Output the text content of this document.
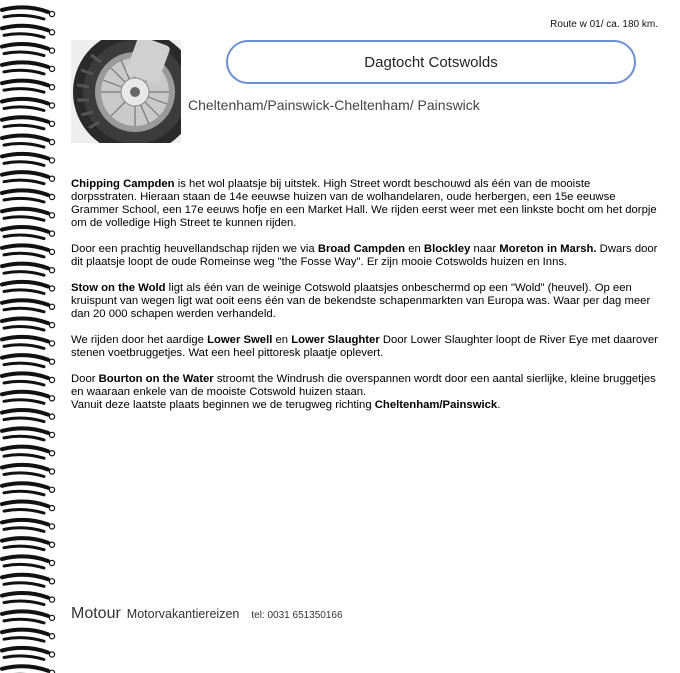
Route w 01/ ca. 180 km.
Dagtocht Cotswolds
Cheltenham/Painswick-Cheltenham/ Painswick

Chipping Campden is het wol plaatsje bij uitstek. High Street wordt beschouwd als één van de mooiste dorpsstraten. Hieraan staan de 14e eeuwse huizen van de wolhandelaren, oude herbergen, een 15e eeuwse Grammer School, een 17e eeuws hofje en een Market Hall. We rijden eerst weer met een linkste bocht om het dorpje om de volledige High Street te kunnen rijden.

Door een prachtig heuvellandschap rijden we via Broad Campden en Blockley naar Moreton in Marsh. Dwars door dit plaatsje loopt de oude Romeinse weg "the Fosse Way". Er zijn mooie Cotswolds huizen en Inns.

Stow on the Wold ligt als één van de weinige Cotswold plaatsjes onbeschermd op een "Wold" (heuvel). Op een kruispunt van wegen ligt wat ooit eens één van de bekendste schapenmarkten van Europa was. Waar per dag meer dan 20 000 schapen werden verhandeld.

We rijden door het aardige Lower Swell en Lower Slaughter Door Lower Slaughter loopt de River Eye met daarover stenen voetbruggetjes. Wat een heel pittoresk plaatje oplevert.

Door Bourton on the Water stroomt the Windrush die overspannen wordt door een aantal sierlijke, kleine bruggetjes en waaraan enkele van de mooiste Cotswold huizen staan.
Vanuit deze laatste plaats beginnen we de terugweg richting Cheltenham/Painswick.

Motour Motorvakantiereizen tel: 0031 651350166
